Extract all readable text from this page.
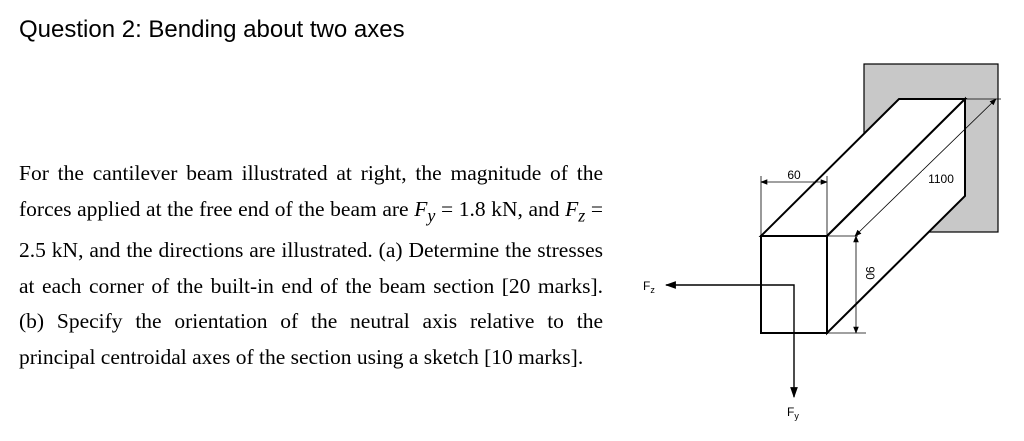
Question 2: Bending about two axes

For the cantilever beam illustrated at right, the magnitude of the forces applied at the free end of the beam are $F_y = 1.8$ kN, and $F_z = 2.5$ kN, and the directions are illustrated. (a) Determine the stresses at each corner of the built-in end of the beam section [20 marks]. (b) Specify the orientation of the neutral axis relative to the principal centroidal axes of the section using a sketch [10 marks].

60	1100
90
$F_z$
$F_y$
